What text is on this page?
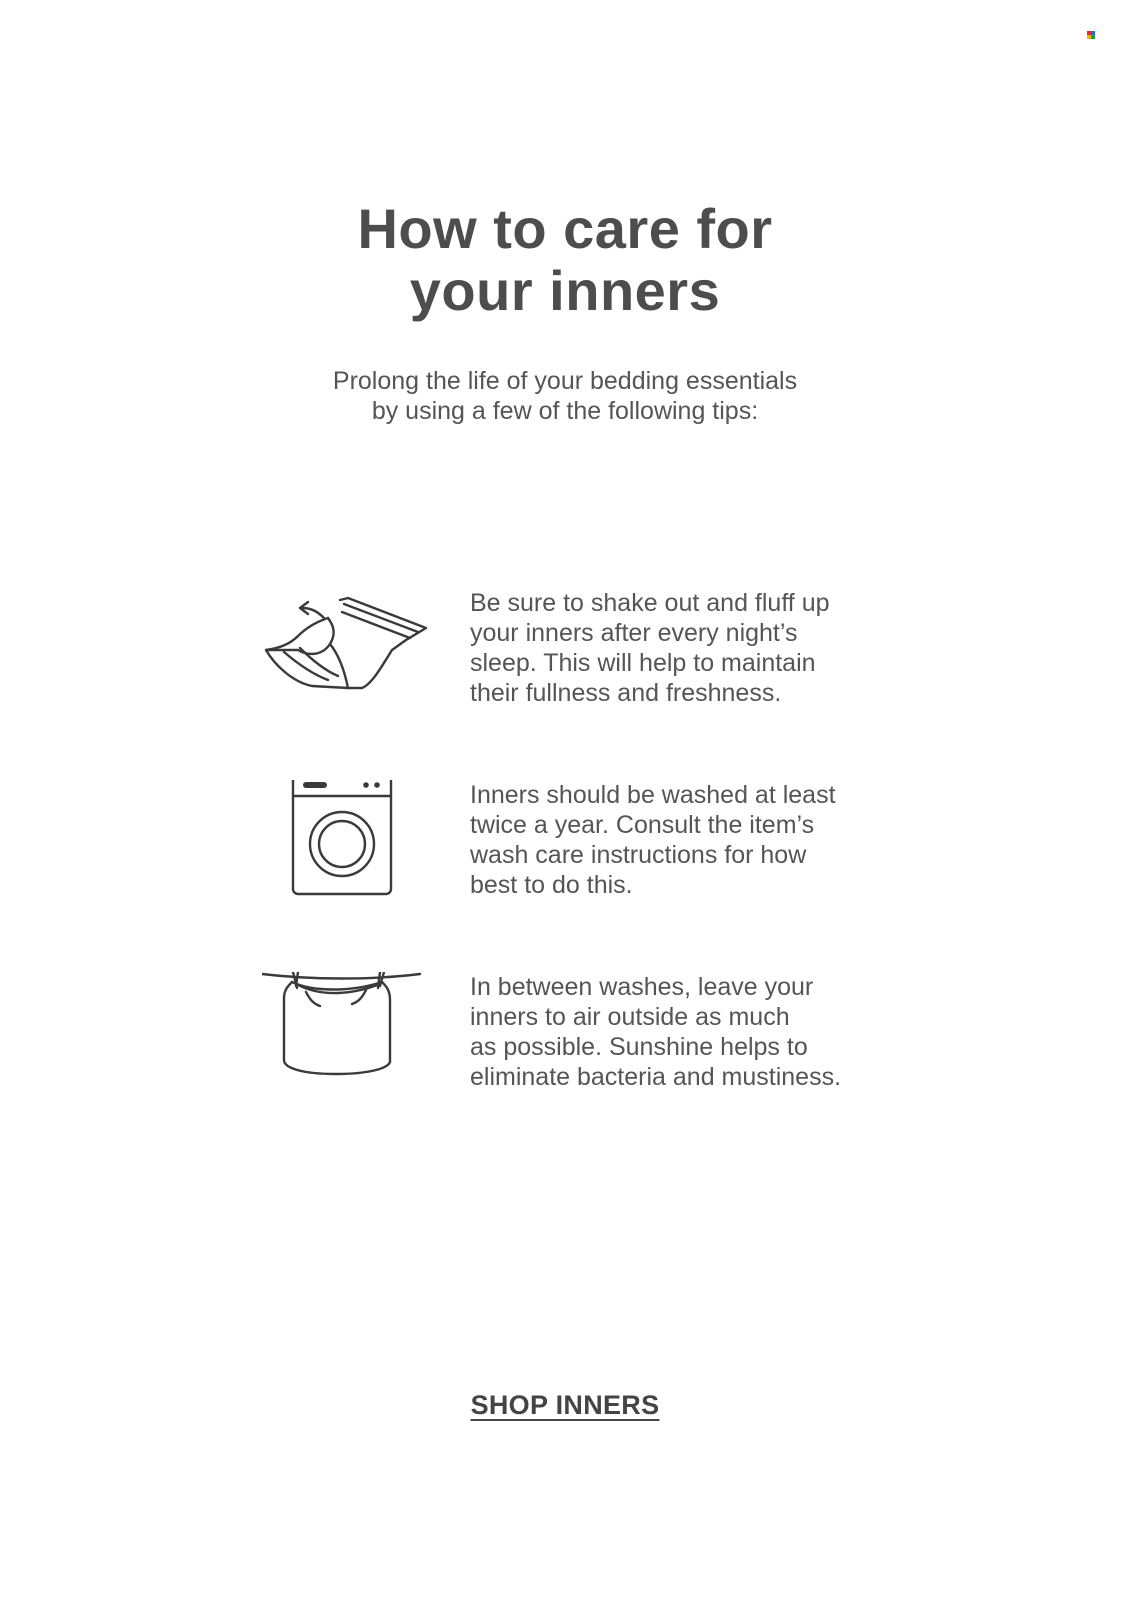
How to care for
your inners
Prolong the life of your bedding essentials
by using a few of the following tips:
Be sure to shake out and fluff up
your inners after every night’s
sleep. This will help to maintain
their fullness and freshness.
Inners should be washed at least
twice a year. Consult the item’s
wash care instructions for how
best to do this.
In between washes, leave your
inners to air outside as much
as possible. Sunshine helps to
eliminate bacteria and mustiness.
SHOP INNERS
